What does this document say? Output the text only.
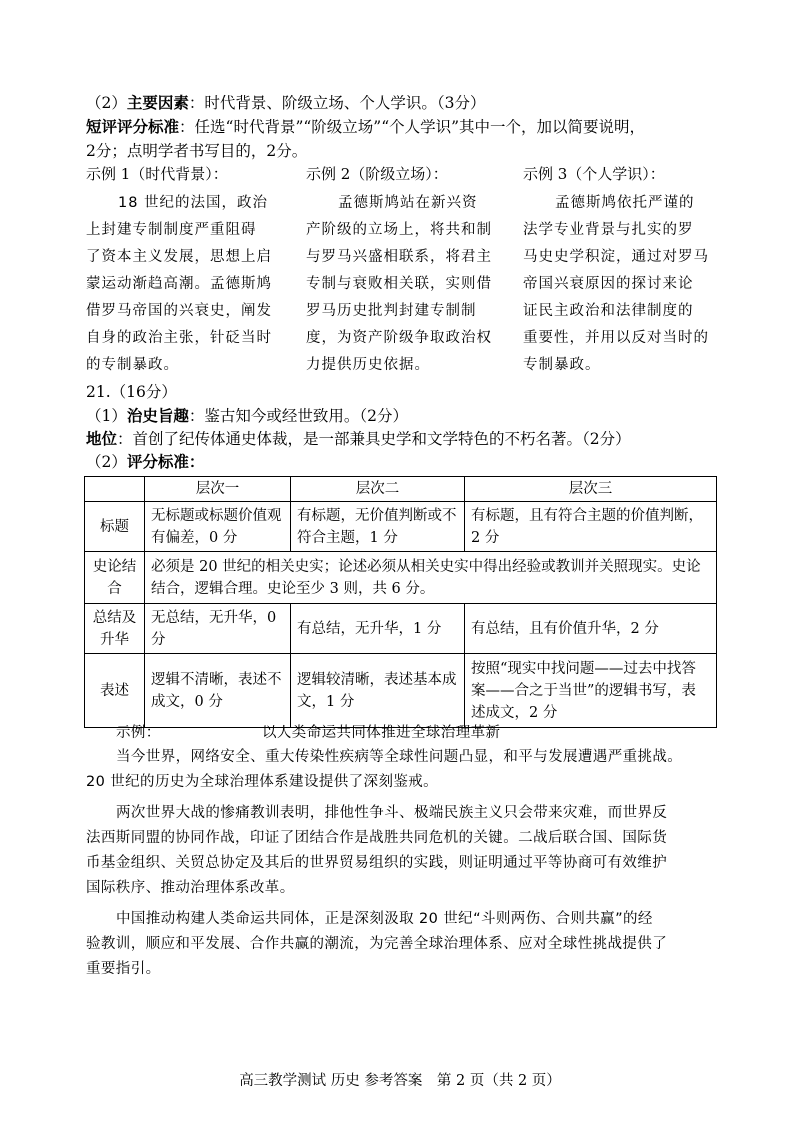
（2）主要因素：时代背景、阶级立场、个人学识。（3分）
短评评分标准：任选“时代背景”“阶级立场”“个人学识”其中一个，加以简要说明，
2分；点明学者书写目的，2分。
示例 1（时代背景）：

18 世纪的法国，政治

上封建专制制度严重阻碍

了资本主义发展，思想上启

蒙运动渐趋高潮。孟德斯鸠

借罗马帝国的兴衰史，阐发

自身的政治主张，针砭当时

的专制暴政。

示例 2（阶级立场）：

孟德斯鸠站在新兴资

产阶级的立场上，将共和制

与罗马兴盛相联系，将君主

专制与衰败相关联，实则借

罗马历史批判封建专制制

度，为资产阶级争取政治权

力提供历史依据。

示例 3（个人学识）：

孟德斯鸠依托严谨的

法学专业背景与扎实的罗

马史史学积淀，通过对罗马

帝国兴衰原因的探讨来论

证民主政治和法律制度的

重要性，并用以反对当时的

专制暴政。

21.（16分）
（1）治史旨趣：鉴古知今或经世致用。（2分）
地位：首创了纪传体通史体裁，是一部兼具史学和文学特色的不朽名著。（2分）
（2）评分标准：
	层次一	层次二	层次三
标题	无标题或标题价值观有偏差，0 分	有标题，无价值判断或不符合主题，1 分	有标题，且有符合主题的价值判断，2 分
史论结合	必须是 20 世纪的相关史实；论述必须从相关史实中得出经验或教训并关照现实。史论结合，逻辑合理。史论至少 3 则，共 6 分。		
总结及升华	无总结，无升华，0 分	有总结，无升华，1 分	有总结，且有价值升华，2 分
表述	逻辑不清晰，表述不成文，0 分	逻辑较清晰，表述基本成文，1 分	按照“现实中找问题——过去中找答案——合之于当世”的逻辑书写，表述成文，2 分

示例：	以人类命运共同体推进全球治理革新

当今世界，网络安全、重大传染性疾病等全球性问题凸显，和平与发展遭遇严重挑战。

20 世纪的历史为全球治理体系建设提供了深刻鉴戒。

两次世界大战的惨痛教训表明，排他性争斗、极端民族主义只会带来灾难，而世界反

法西斯同盟的协同作战，印证了团结合作是战胜共同危机的关键。二战后联合国、国际货

币基金组织、关贸总协定及其后的世界贸易组织的实践，则证明通过平等协商可有效维护

国际秩序、推动治理体系改革。

中国推动构建人类命运共同体，正是深刻汲取 20 世纪“斗则两伤、合则共赢”的经

验教训，顺应和平发展、合作共赢的潮流，为完善全球治理体系、应对全球性挑战提供了

重要指引。

高三教学测试 历史 参考答案　第 2 页（共 2 页）
